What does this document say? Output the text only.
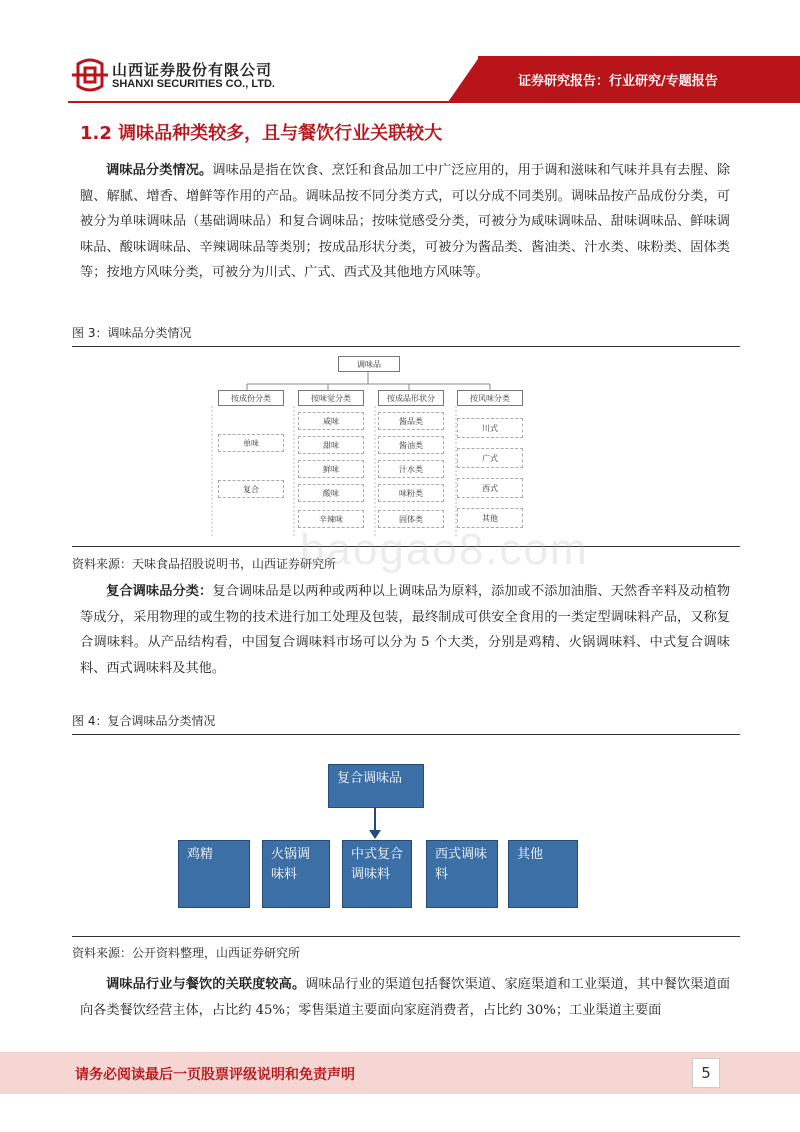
山西证券股份有限公司
SHANXI SECURITIES CO., LTD.	证券研究报告：行业研究/专题报告
1.2 调味品种类较多，且与餐饮行业关联较大
调味品分类情况。调味品是指在饮食、烹饪和食品加工中广泛应用的，用于调和滋味和气味并具有去腥、除膻、解腻、增香、增鲜等作用的产品。调味品按不同分类方式，可以分成不同类别。调味品按产品成份分类，可被分为单味调味品（基础调味品）和复合调味品；按味觉感受分类，可被分为咸味调味品、甜味调味品、鲜味调味品、酸味调味品、辛辣调味品等类别；按成品形状分类，可被分为酱品类、酱油类、汁水类、味粉类、固体类等；按地方风味分类，可被分为川式、广式、西式及其他地方风味等。
图 3：调味品分类情况
调味品
按成份分类	按味觉分类	按成品形状分	按风味分类
单味
复合
咸味
甜味
鲜味
酸味
辛辣味
酱品类
酱油类
汁水类
味粉类
固体类
川式
广式
西式
其他
资料来源：天味食品招股说明书，山西证券研究所
baogao8.com
复合调味品分类：复合调味品是以两种或两种以上调味品为原料，添加或不添加油脂、天然香辛料及动植物等成分，采用物理的或生物的技术进行加工处理及包装，最终制成可供安全食用的一类定型调味料产品，又称复合调味料。从产品结构看，中国复合调味料市场可以分为 5 个大类，分别是鸡精、火锅调味料、中式复合调味料、西式调味料及其他。
图 4：复合调味品分类情况
复合调味品
鸡精	火锅调味料
中式复合调味料
西式调味料
其他
资料来源：公开资料整理，山西证券研究所
调味品行业与餐饮的关联度较高。调味品行业的渠道包括餐饮渠道、家庭渠道和工业渠道，其中餐饮渠道面向各类餐饮经营主体，占比约 45%；零售渠道主要面向家庭消费者，占比约 30%；工业渠道主要面
请务必阅读最后一页股票评级说明和免责声明	5
